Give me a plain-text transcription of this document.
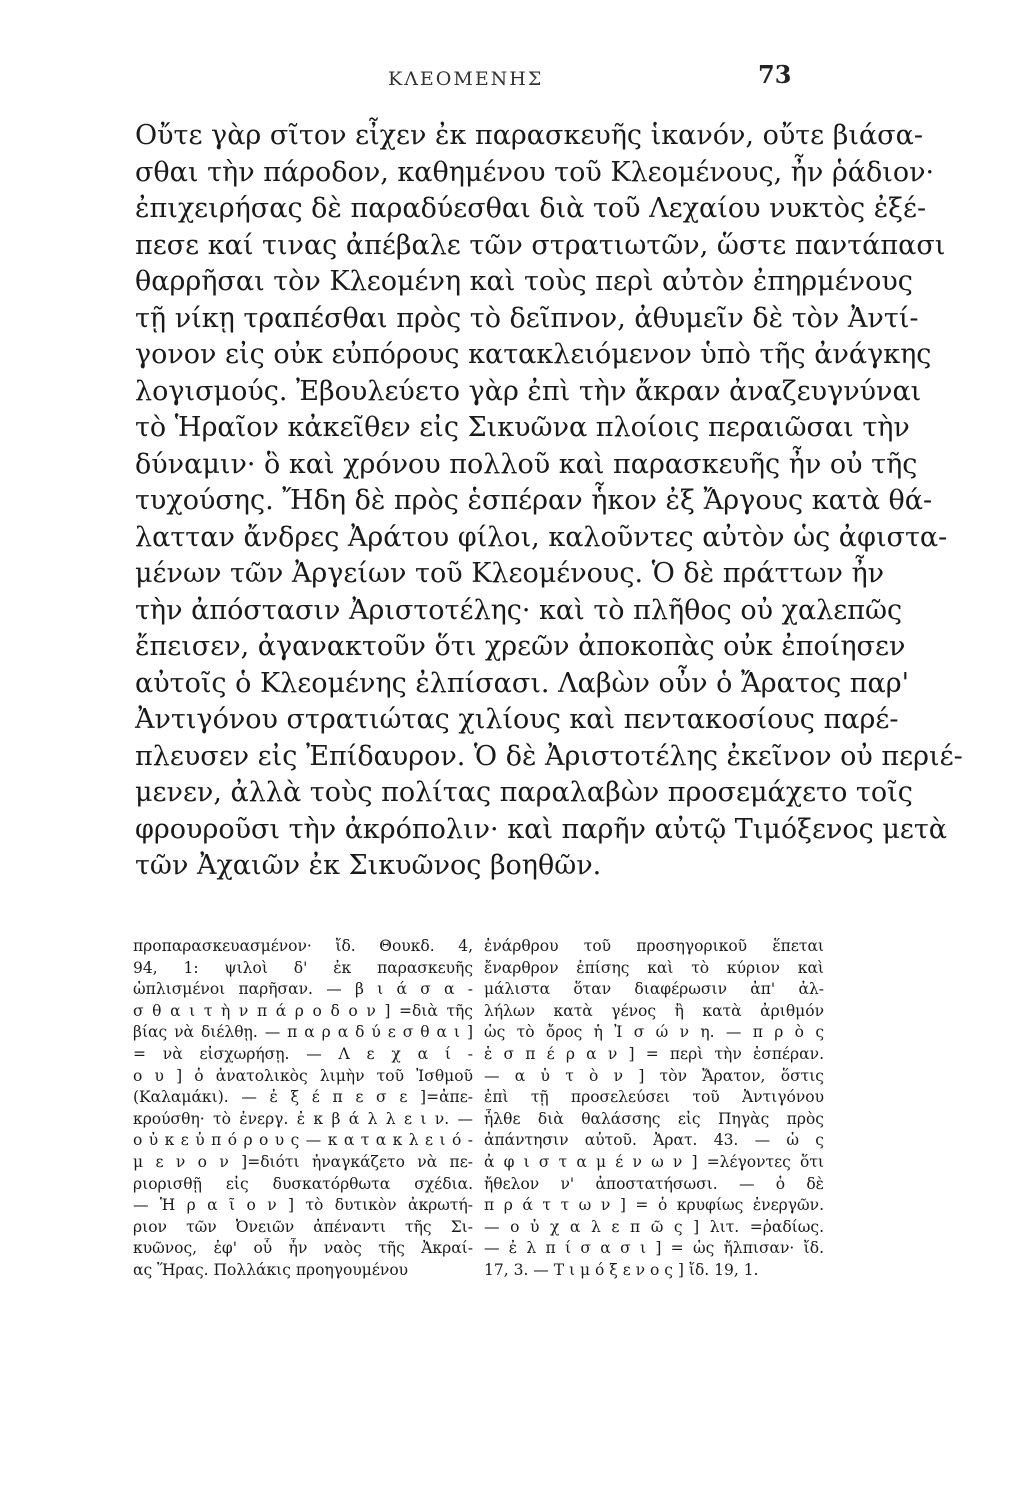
ΚΛΕΟΜΕΝΗΣ	73
Οὔτε γὰρ σῖτον εἶχεν ἐκ παρασκευῆς ἱκανόν, οὔτε βιάσα-
σθαι τὴν πάροδον, καθημένου τοῦ Κλεομένους, ἦν ῥάδιον·
ἐπιχειρήσας δὲ παραδύεσθαι διὰ τοῦ Λεχαίου νυκτὸς ἐξέ-
πεσε καί τινας ἀπέβαλε τῶν στρατιωτῶν, ὥστε παντάπασι
θαρρῆσαι τὸν Κλεομένη καὶ τοὺς περὶ αὐτὸν ἐπηρμένους
τῇ νίκῃ τραπέσθαι πρὸς τὸ δεῖπνον, ἀθυμεῖν δὲ τὸν Ἀντί-
γονον εἰς οὐκ εὐπόρους κατακλειόμενον ὑπὸ τῆς ἀνάγκης
λογισμούς. Ἐβουλεύετο γὰρ ἐπὶ τὴν ἄκραν ἀναζευγνύναι
τὸ Ἡραῖον κἀκεῖθεν εἰς Σικυῶνα πλοίοις περαιῶσαι τὴν
δύναμιν· ὃ καὶ χρόνου πολλοῦ καὶ παρασκευῆς ἦν οὐ τῆς
τυχούσης. Ἤδη δὲ πρὸς ἑσπέραν ἧκον ἐξ Ἄργους κατὰ θά-
λατταν ἄνδρες Ἀράτου φίλοι, καλοῦντες αὐτὸν ὡς ἀφιστα-
μένων τῶν Ἀργείων τοῦ Κλεομένους. Ὁ δὲ πράττων ἦν
τὴν ἀπόστασιν Ἀριστοτέλης· καὶ τὸ πλῆθος οὐ χαλεπῶς
ἔπεισεν, ἀγανακτοῦν ὅτι χρεῶν ἀποκοπὰς οὐκ ἐποίησεν
αὐτοῖς ὁ Κλεομένης ἐλπίσασι. Λαβὼν οὖν ὁ Ἄρατος παρ'
Ἀντιγόνου στρατιώτας χιλίους καὶ πεντακοσίους παρέ-
πλευσεν εἰς Ἐπίδαυρον. Ὁ δὲ Ἀριστοτέλης ἐκεῖνον οὐ περιέ-
μενεν, ἀλλὰ τοὺς πολίτας παραλαβὼν προσεμάχετο τοῖς
φρουροῦσι τὴν ἀκρόπολιν· καὶ παρῆν αὐτῷ Τιμόξενος μετὰ
τῶν Ἀχαιῶν ἐκ Σικυῶνος βοηθῶν.
προπαρασκευασμένον· ἴδ. Θουκδ. 4,
94, 1: ψιλοὶ δ' ἐκ παρασκευῆς
ὡπλισμένοι παρῆσαν. — β ι ά σ α -
σ θ α ι τ ὴ ν π ά ρ ο δ ο ν ] =διὰ τῆς
βίας νὰ διέλθῃ. — π α ρ α δ ύ ε σ θ α ι ]
= νὰ εἰσχωρήσῃ. — Λ ε χ α ί -
ο υ ] ὁ ἀνατολικὸς λιμὴν τοῦ Ἰσθμοῦ
(Καλαμάκι). — ἐ ξ έ π ε σ ε ]=ἀπε-
κρούσθη· τὸ ἐνεργ. ἐ κ β ά λ λ ε ι ν. —
ο ὐ κ ε ὐ π ό ρ ο υ ς — κ α τ α κ λ ε ι ό -
μ ε ν ο ν ]=διότι ἠναγκάζετο νὰ πε-
ριορισθῇ εἰς δυσκατόρθωτα σχέδια.
— Ἡ ρ α ῖ ο ν ] τὸ δυτικὸν ἀκρωτή-
ριον τῶν Ὀνειῶν ἀπέναντι τῆς Σι-
κυῶνος, ἐφ' οὗ ἦν ναὸς τῆς Ἀκραί-
ας Ἥρας. Πολλάκις προηγουμένου
ἐνάρθρου τοῦ προσηγορικοῦ ἕπεται
ἔναρθρον ἐπίσης καὶ τὸ κύριον καὶ
μάλιστα ὅταν διαφέρωσιν ἀπ' ἀλ-
λήλων κατὰ γένος ἢ κατὰ ἀριθμόν
ὡς τὸ ὄρος ἡ Ἰ σ ώ ν η. — π ρ ὸ ς
ἑ σ π έ ρ α ν ] = περὶ τὴν ἑσπέραν.
— α ὐ τ ὸ ν ] τὸν Ἄρατον, ὅστις
ἐπὶ τῇ προσελεύσει τοῦ Ἀντιγόνου
ἦλθε διὰ θαλάσσης εἰς Πηγὰς πρὸς
ἀπάντησιν αὐτοῦ. Ἀρατ. 43. — ὡ ς
ἀ φ ι σ τ α μ έ ν ω ν ] =λέγοντες ὅτι
ἤθελον ν' ἀποστατήσωσι. — ὁ δὲ
π ρ ά τ τ ω ν ] = ὁ κρυφίως ἐνεργῶν.
— ο ὐ χ α λ ε π ῶ ς ] λιτ. =ῥαδίως.
— ἐ λ π ί σ α σ ι ] = ὡς ἤλπισαν· ἴδ.
17, 3. — Τ ι μ ό ξ ε ν ο ς ] ἴδ. 19, 1.
